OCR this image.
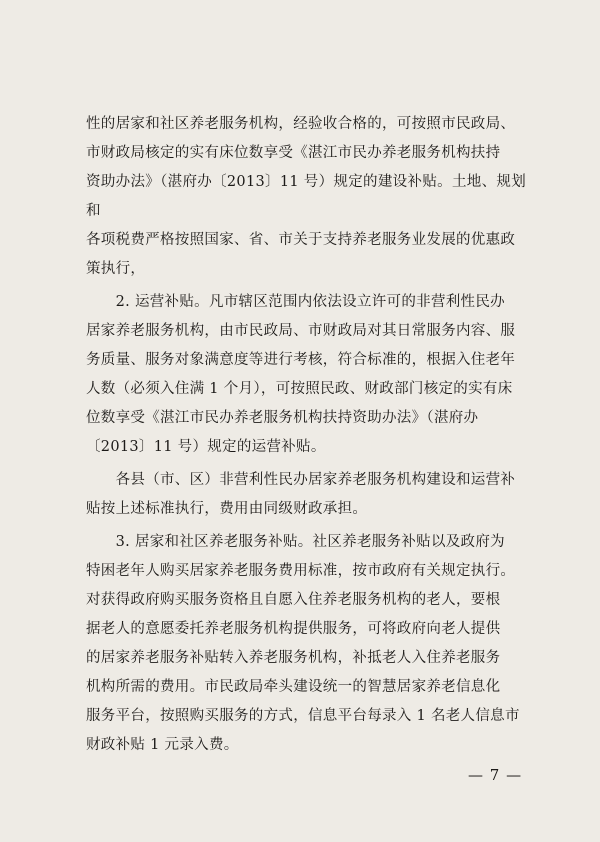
性的居家和社区养老服务机构，经验收合格的，可按照市民政局、

市财政局核定的实有床位数享受《湛江市民办养老服务机构扶持

资助办法》（湛府办〔2013〕11 号）规定的建设补贴。土地、规划和

各项税费严格按照国家、省、市关于支持养老服务业发展的优惠政

策执行，

　　2. 运营补贴。凡市辖区范围内依法设立许可的非营利性民办

居家养老服务机构，由市民政局、市财政局对其日常服务内容、服

务质量、服务对象满意度等进行考核，符合标准的，根据入住老年

人数（必须入住满 1 个月），可按照民政、财政部门核定的实有床

位数享受《湛江市民办养老服务机构扶持资助办法》（湛府办

〔2013〕11 号）规定的运营补贴。

　　各县（市、区）非营利性民办居家养老服务机构建设和运营补

贴按上述标准执行，费用由同级财政承担。

　　3. 居家和社区养老服务补贴。社区养老服务补贴以及政府为

特困老年人购买居家养老服务费用标准，按市政府有关规定执行。

对获得政府购买服务资格且自愿入住养老服务机构的老人，要根

据老人的意愿委托养老服务机构提供服务，可将政府向老人提供

的居家养老服务补贴转入养老服务机构，补抵老人入住养老服务

机构所需的费用。市民政局牵头建设统一的智慧居家养老信息化

服务平台，按照购买服务的方式，信息平台每录入 1 名老人信息市

财政补贴 1 元录入费。

— 7 —
